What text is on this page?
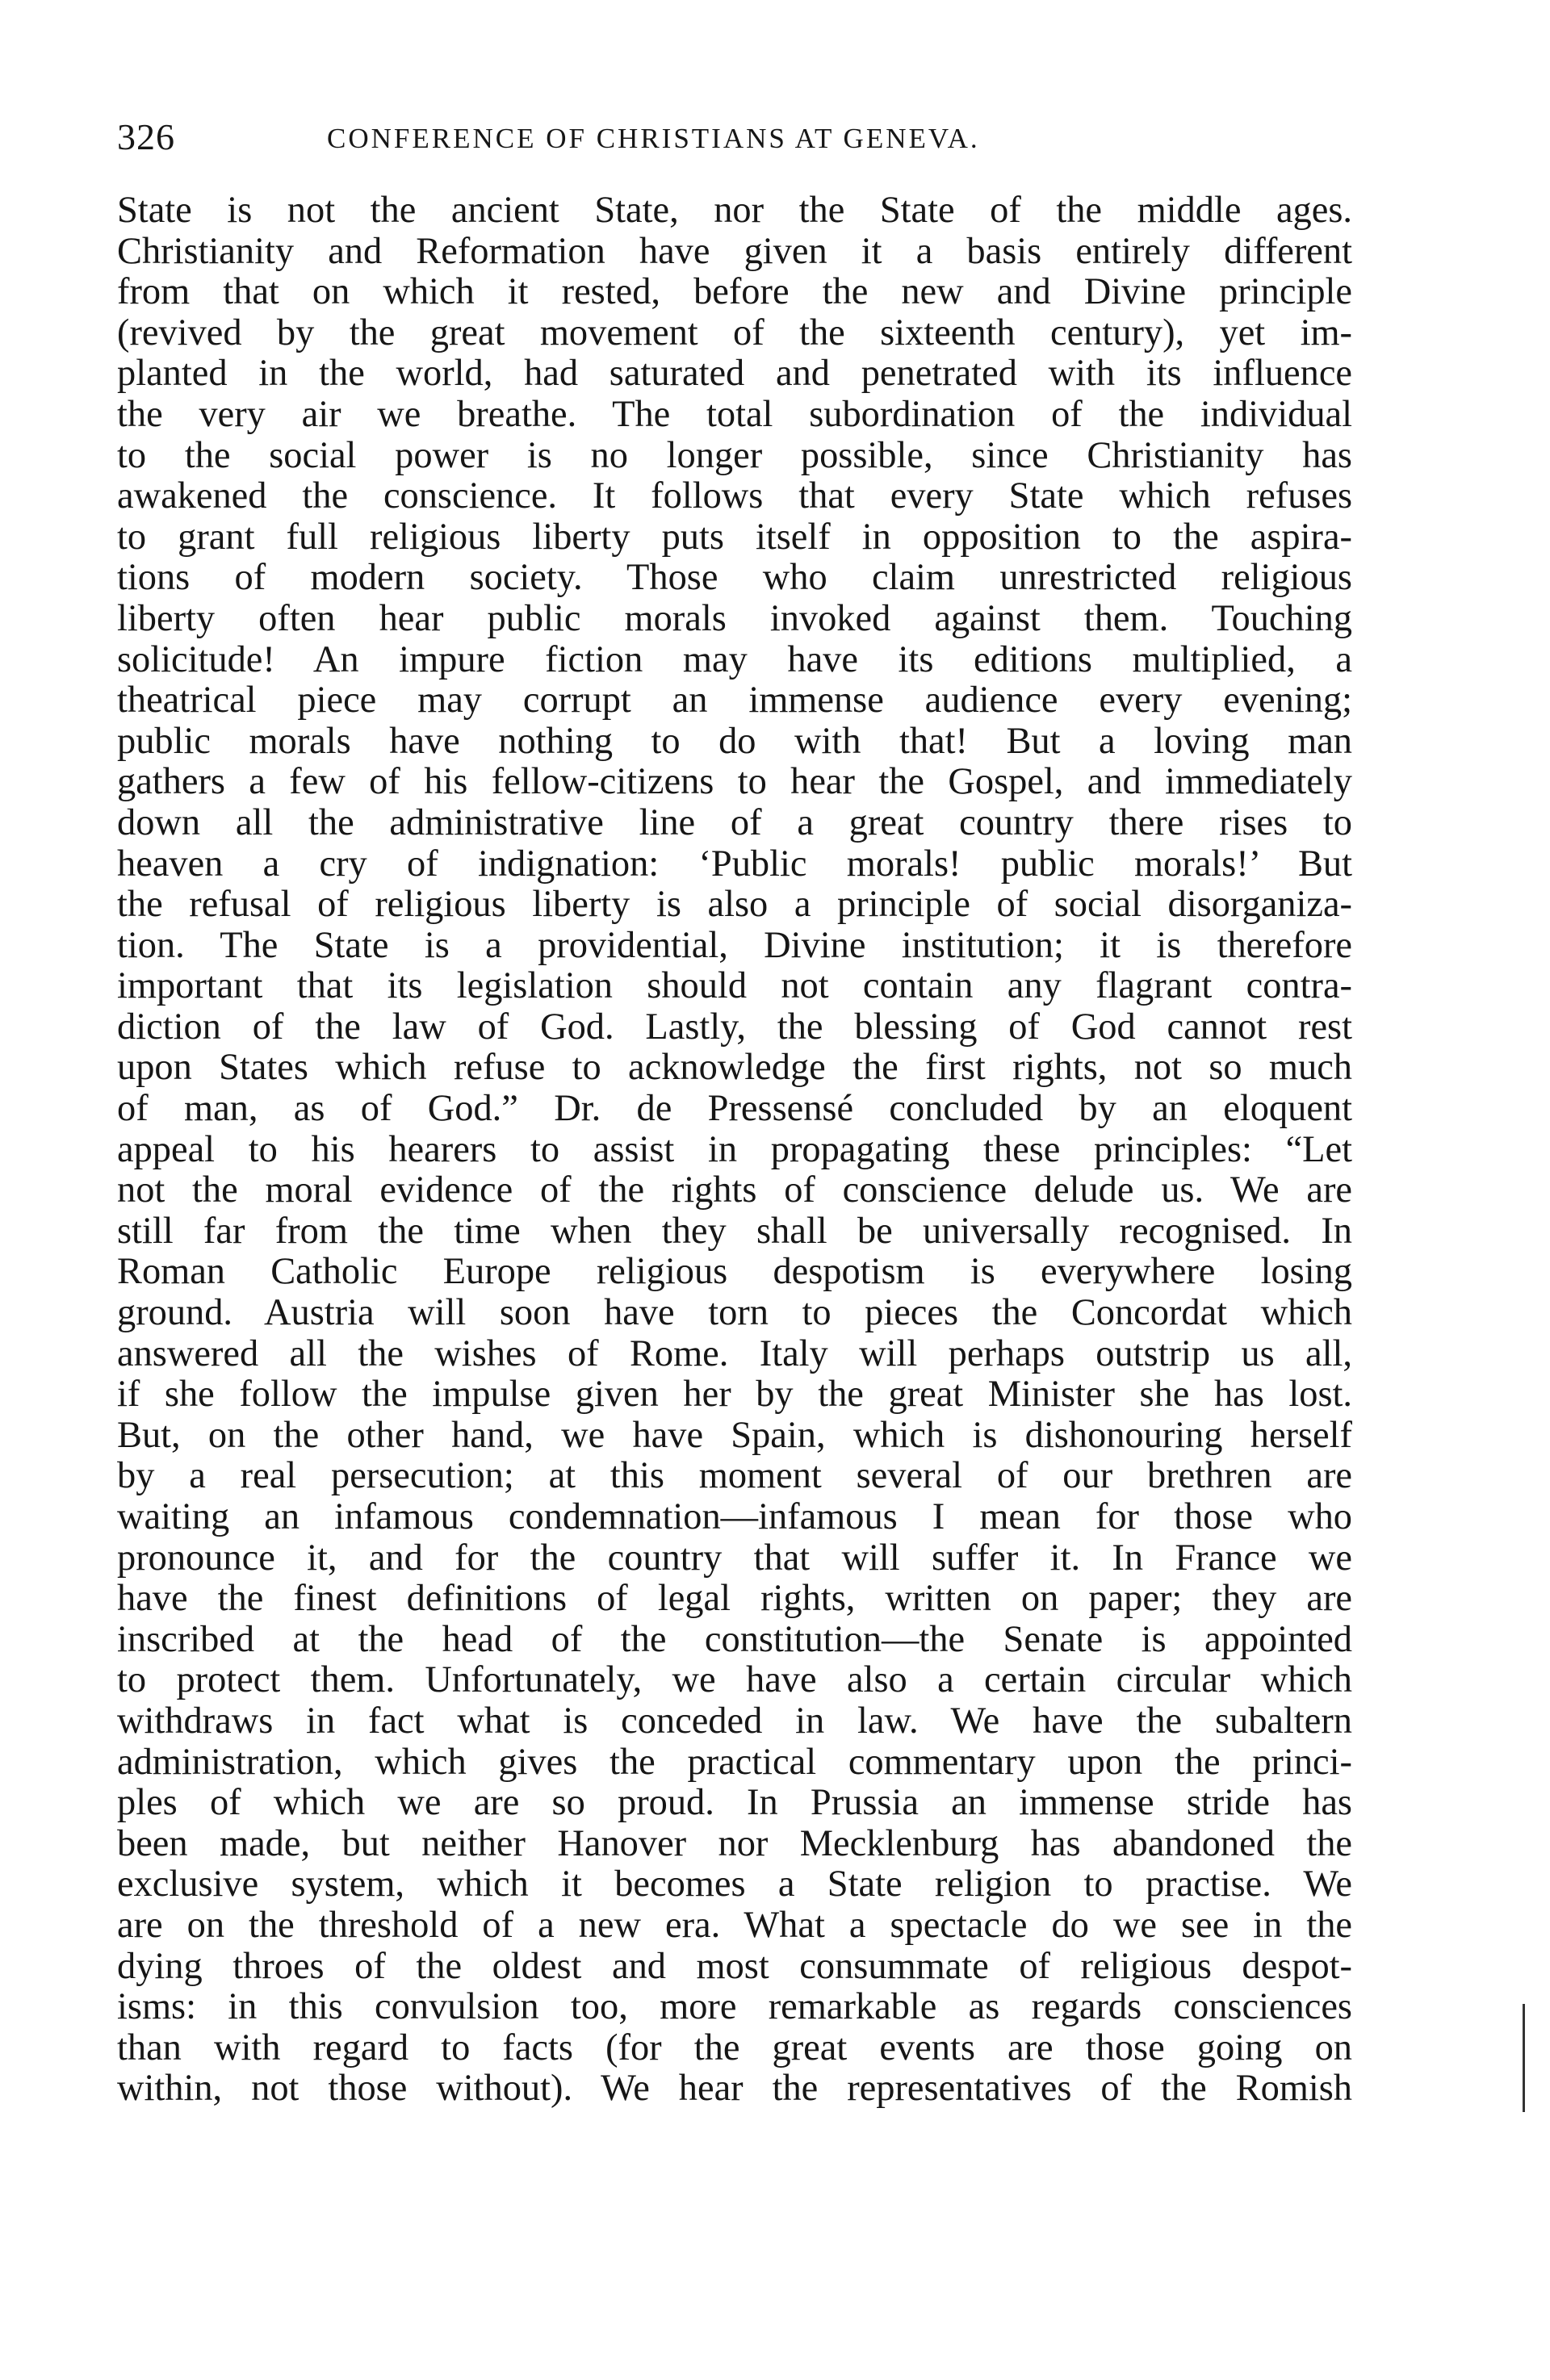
326	CONFERENCE OF CHRISTIANS AT GENEVA.
State is not the ancient State, nor the State of the middle ages.
Christianity and Reformation have given it a basis entirely different
from that on which it rested, before the new and Divine principle
(revived by the great movement of the sixteenth century), yet im-
planted in the world, had saturated and penetrated with its influence
the very air we breathe. The total subordination of the individual
to the social power is no longer possible, since Christianity has
awakened the conscience. It follows that every State which refuses
to grant full religious liberty puts itself in opposition to the aspira-
tions of modern society. Those who claim unrestricted religious
liberty often hear public morals invoked against them. Touching
solicitude! An impure fiction may have its editions multiplied, a
theatrical piece may corrupt an immense audience every evening;
public morals have nothing to do with that! But a loving man
gathers a few of his fellow-citizens to hear the Gospel, and immediately
down all the administrative line of a great country there rises to
heaven a cry of indignation: ‘Public morals! public morals!’ But
the refusal of religious liberty is also a principle of social disorganiza-
tion. The State is a providential, Divine institution; it is therefore
important that its legislation should not contain any flagrant contra-
diction of the law of God. Lastly, the blessing of God cannot rest
upon States which refuse to acknowledge the first rights, not so much
of man, as of God.” Dr. de Pressensé concluded by an eloquent
appeal to his hearers to assist in propagating these principles: “Let
not the moral evidence of the rights of conscience delude us. We are
still far from the time when they shall be universally recognised. In
Roman Catholic Europe religious despotism is everywhere losing
ground. Austria will soon have torn to pieces the Concordat which
answered all the wishes of Rome. Italy will perhaps outstrip us all,
if she follow the impulse given her by the great Minister she has lost.
But, on the other hand, we have Spain, which is dishonouring herself
by a real persecution; at this moment several of our brethren are
waiting an infamous condemnation—infamous I mean for those who
pronounce it, and for the country that will suffer it. In France we
have the finest definitions of legal rights, written on paper; they are
inscribed at the head of the constitution—the Senate is appointed
to protect them. Unfortunately, we have also a certain circular which
withdraws in fact what is conceded in law. We have the subaltern
administration, which gives the practical commentary upon the princi-
ples of which we are so proud. In Prussia an immense stride has
been made, but neither Hanover nor Mecklenburg has abandoned the
exclusive system, which it becomes a State religion to practise. We
are on the threshold of a new era. What a spectacle do we see in the
dying throes of the oldest and most consummate of religious despot-
isms: in this convulsion too, more remarkable as regards consciences
than with regard to facts (for the great events are those going on
within, not those without). We hear the representatives of the Romish
